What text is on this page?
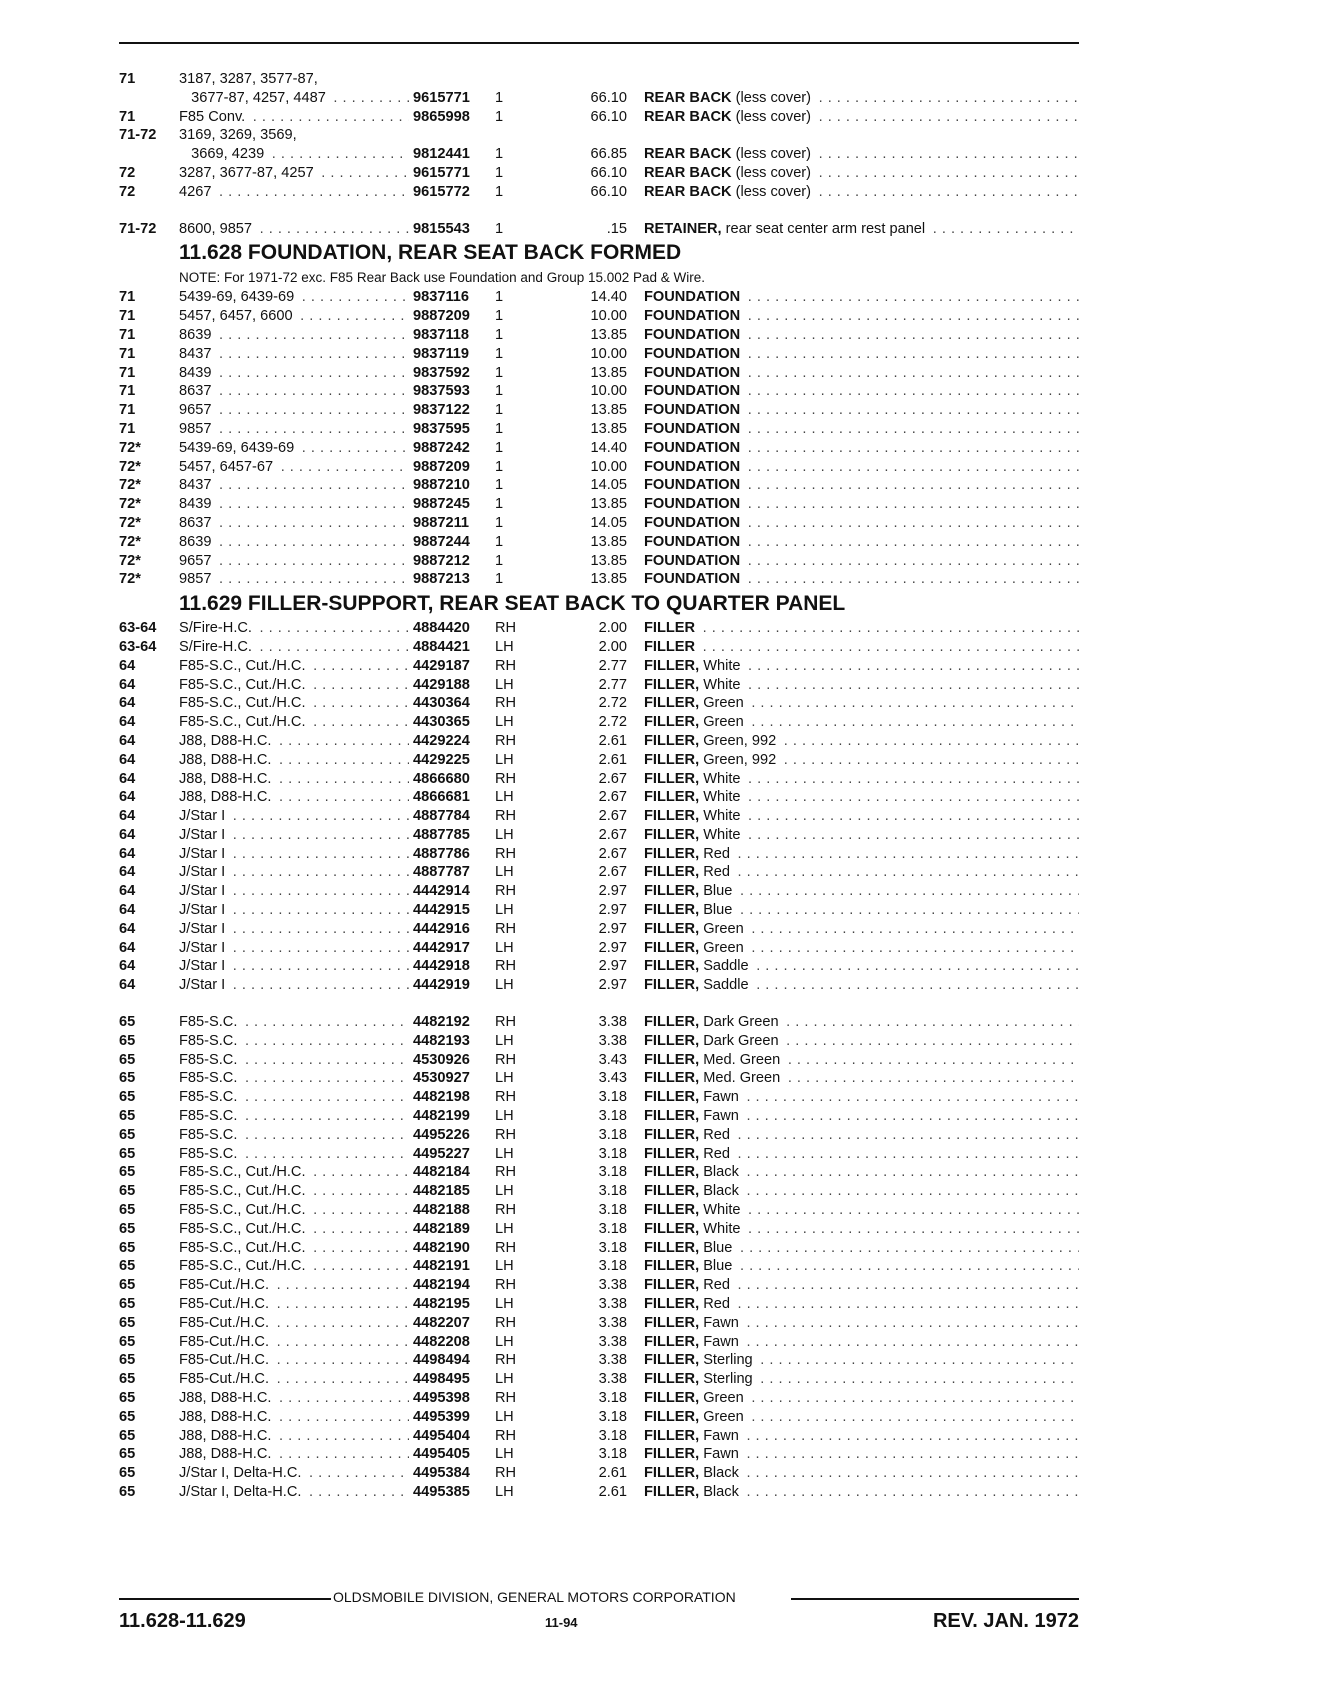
71	3187, 3287, 3577-87,
3677-87, 4257, 4487 . . .	9615771	1	66.10 REAR BACK (less cover) . . .
71	F85 Conv. . . .	9865998	1	66.10 REAR BACK (less cover) . . .
71-72	3169, 3269, 3569,
3669, 4239 . . .	9812441	1	66.85 REAR BACK (less cover) . . .
72	3287, 3677-87, 4257 . . .	9615771	1	66.10 REAR BACK (less cover) . . .
72	4267 . . .	9615772	1	66.10 REAR BACK (less cover) . . .
71-72	8600, 9857 . . .	9815543	1	.15 RETAINER, rear seat center arm rest panel . . .
11.628 FOUNDATION, REAR SEAT BACK FORMED
NOTE: For 1971-72 exc. F85 Rear Back use Foundation and Group 15.002 Pad & Wire.
71	5439-69, 6439-69 . . .	9837116	1	14.40 FOUNDATION . . .
71	5457, 6457, 6600 . . .	9887209	1	10.00 FOUNDATION . . .
71	8639 . . .	9837118	1	13.85 FOUNDATION . . .
71	8437 . . .	9837119	1	10.00 FOUNDATION . . .
71	8439 . . .	9837592	1	13.85 FOUNDATION . . .
71	8637 . . .	9837593	1	10.00 FOUNDATION . . .
71	9657 . . .	9837122	1	13.85 FOUNDATION . . .
71	9857 . . .	9837595	1	13.85 FOUNDATION . . .
72*	5439-69, 6439-69 . . .	9887242	1	14.40 FOUNDATION . . .
72*	5457, 6457-67 . . .	9887209	1	10.00 FOUNDATION . . .
72*	8437 . . .	9887210	1	14.05 FOUNDATION . . .
72*	8439 . . .	9887245	1	13.85 FOUNDATION . . .
72*	8637 . . .	9887211	1	14.05 FOUNDATION . . .
72*	8639 . . .	9887244	1	13.85 FOUNDATION . . .
72*	9657 . . .	9887212	1	13.85 FOUNDATION . . .
72*	9857 . . .	9887213	1	13.85 FOUNDATION . . .
11.629 FILLER-SUPPORT, REAR SEAT BACK TO QUARTER PANEL
63-64	S/Fire-H.C. . . .	4884420	RH	2.00 FILLER . . .
63-64	S/Fire-H.C. . . .	4884421	LH	2.00 FILLER . . .
64	F85-S.C., Cut./H.C. . . .	4429187	RH	2.77 FILLER, White . . .
64	F85-S.C., Cut./H.C. . . .	4429188	LH	2.77 FILLER, White . . .
64	F85-S.C., Cut./H.C. . . .	4430364	RH	2.72 FILLER, Green . . .
64	F85-S.C., Cut./H.C. . . .	4430365	LH	2.72 FILLER, Green . . .
64	J88, D88-H.C. . . .	4429224	RH	2.61 FILLER, Green, 992 . . .
64	J88, D88-H.C. . . .	4429225	LH	2.61 FILLER, Green, 992 . . .
64	J88, D88-H.C. . . .	4866680	RH	2.67 FILLER, White . . .
64	J88, D88-H.C. . . .	4866681	LH	2.67 FILLER, White . . .
64	J/Star I . . .	4887784	RH	2.67 FILLER, White . . .
64	J/Star I . . .	4887785	LH	2.67 FILLER, White . . .
64	J/Star I . . .	4887786	RH	2.67 FILLER, Red . . .
64	J/Star I . . .	4887787	LH	2.67 FILLER, Red . . .
64	J/Star I . . .	4442914	RH	2.97 FILLER, Blue . . .
64	J/Star I . . .	4442915	LH	2.97 FILLER, Blue . . .
64	J/Star I . . .	4442916	RH	2.97 FILLER, Green . . .
64	J/Star I . . .	4442917	LH	2.97 FILLER, Green . . .
64	J/Star I . . .	4442918	RH	2.97 FILLER, Saddle . . .
64	J/Star I . . .	4442919	LH	2.97 FILLER, Saddle . . .
65	F85-S.C. . . .	4482192	RH	3.38 FILLER, Dark Green . . .
65	F85-S.C. . . .	4482193	LH	3.38 FILLER, Dark Green . . .
65	F85-S.C. . . .	4530926	RH	3.43 FILLER, Med. Green . . .
65	F85-S.C. . . .	4530927	LH	3.43 FILLER, Med. Green . . .
65	F85-S.C. . . .	4482198	RH	3.18 FILLER, Fawn . . .
65	F85-S.C. . . .	4482199	LH	3.18 FILLER, Fawn . . .
65	F85-S.C. . . .	4495226	RH	3.18 FILLER, Red . . .
65	F85-S.C. . . .	4495227	LH	3.18 FILLER, Red . . .
65	F85-S.C., Cut./H.C. . . .	4482184	RH	3.18 FILLER, Black . . .
65	F85-S.C., Cut./H.C. . . .	4482185	LH	3.18 FILLER, Black . . .
65	F85-S.C., Cut./H.C. . . .	4482188	RH	3.18 FILLER, White . . .
65	F85-S.C., Cut./H.C. . . .	4482189	LH	3.18 FILLER, White . . .
65	F85-S.C., Cut./H.C. . . .	4482190	RH	3.18 FILLER, Blue . . .
65	F85-S.C., Cut./H.C. . . .	4482191	LH	3.18 FILLER, Blue . . .
65	F85-Cut./H.C. . . .	4482194	RH	3.38 FILLER, Red . . .
65	F85-Cut./H.C. . . .	4482195	LH	3.38 FILLER, Red . . .
65	F85-Cut./H.C. . . .	4482207	RH	3.38 FILLER, Fawn . . .
65	F85-Cut./H.C. . . .	4482208	LH	3.38 FILLER, Fawn . . .
65	F85-Cut./H.C. . . .	4498494	RH	3.38 FILLER, Sterling . . .
65	F85-Cut./H.C. . . .	4498495	LH	3.38 FILLER, Sterling . . .
65	J88, D88-H.C. . . .	4495398	RH	3.18 FILLER, Green . . .
65	J88, D88-H.C. . . .	4495399	LH	3.18 FILLER, Green . . .
65	J88, D88-H.C. . . .	4495404	RH	3.18 FILLER, Fawn . . .
65	J88, D88-H.C. . . .	4495405	LH	3.18 FILLER, Fawn . . .
65	J/Star I, Delta-H.C. . . .	4495384	RH	2.61 FILLER, Black . . .
65	J/Star I, Delta-H.C. . . .	4495385	LH	2.61 FILLER, Black . . .
OLDSMOBILE DIVISION, GENERAL MOTORS CORPORATION
11.628-11.629	11-94	REV. JAN. 1972
